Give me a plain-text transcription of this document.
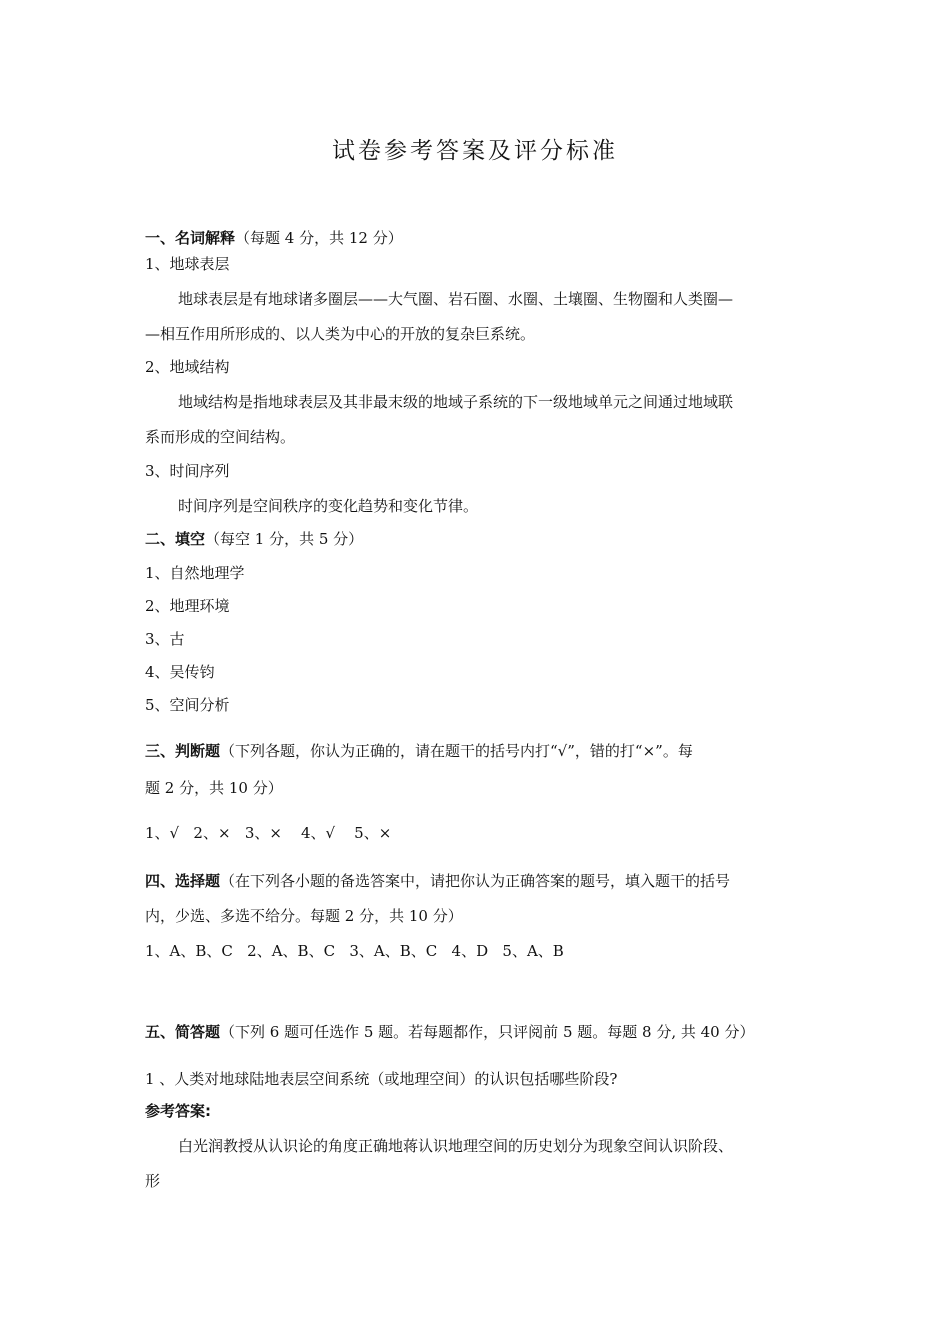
试卷参考答案及评分标准
一、名词解释（每题 4 分，共 12 分）
1、地球表层
地球表层是有地球诸多圈层——大气圈、岩石圈、水圈、土壤圈、生物圈和人类圈—
—相互作用所形成的、以人类为中心的开放的复杂巨系统。
2、地域结构
地域结构是指地球表层及其非最末级的地域子系统的下一级地域单元之间通过地域联
系而形成的空间结构。
3、时间序列
时间序列是空间秩序的变化趋势和变化节律。
二、填空（每空 1 分，共 5 分）
1、自然地理学
2、地理环境
3、古
4、吴传钧
5、空间分析
三、判断题（下列各题，你认为正确的，请在题干的括号内打“√”，错的打“×”。每
题 2 分，共 10 分）
1、√   2、×   3、×    4、√    5、×
四、选择题（在下列各小题的备选答案中，请把你认为正确答案的题号，填入题干的括号
内，少选、多选不给分。每题 2 分，共 10 分）
1、A、B、C   2、A、B、C   3、A、B、C   4、D   5、A、B
五、简答题（下列 6 题可任选作 5 题。若每题都作，只评阅前 5 题。每题 8 分, 共 40 分）
1 、人类对地球陆地表层空间系统（或地理空间）的认识包括哪些阶段?
参考答案:
白光润教授从认识论的角度正确地蒋认识地理空间的历史划分为现象空间认识阶段、
形
